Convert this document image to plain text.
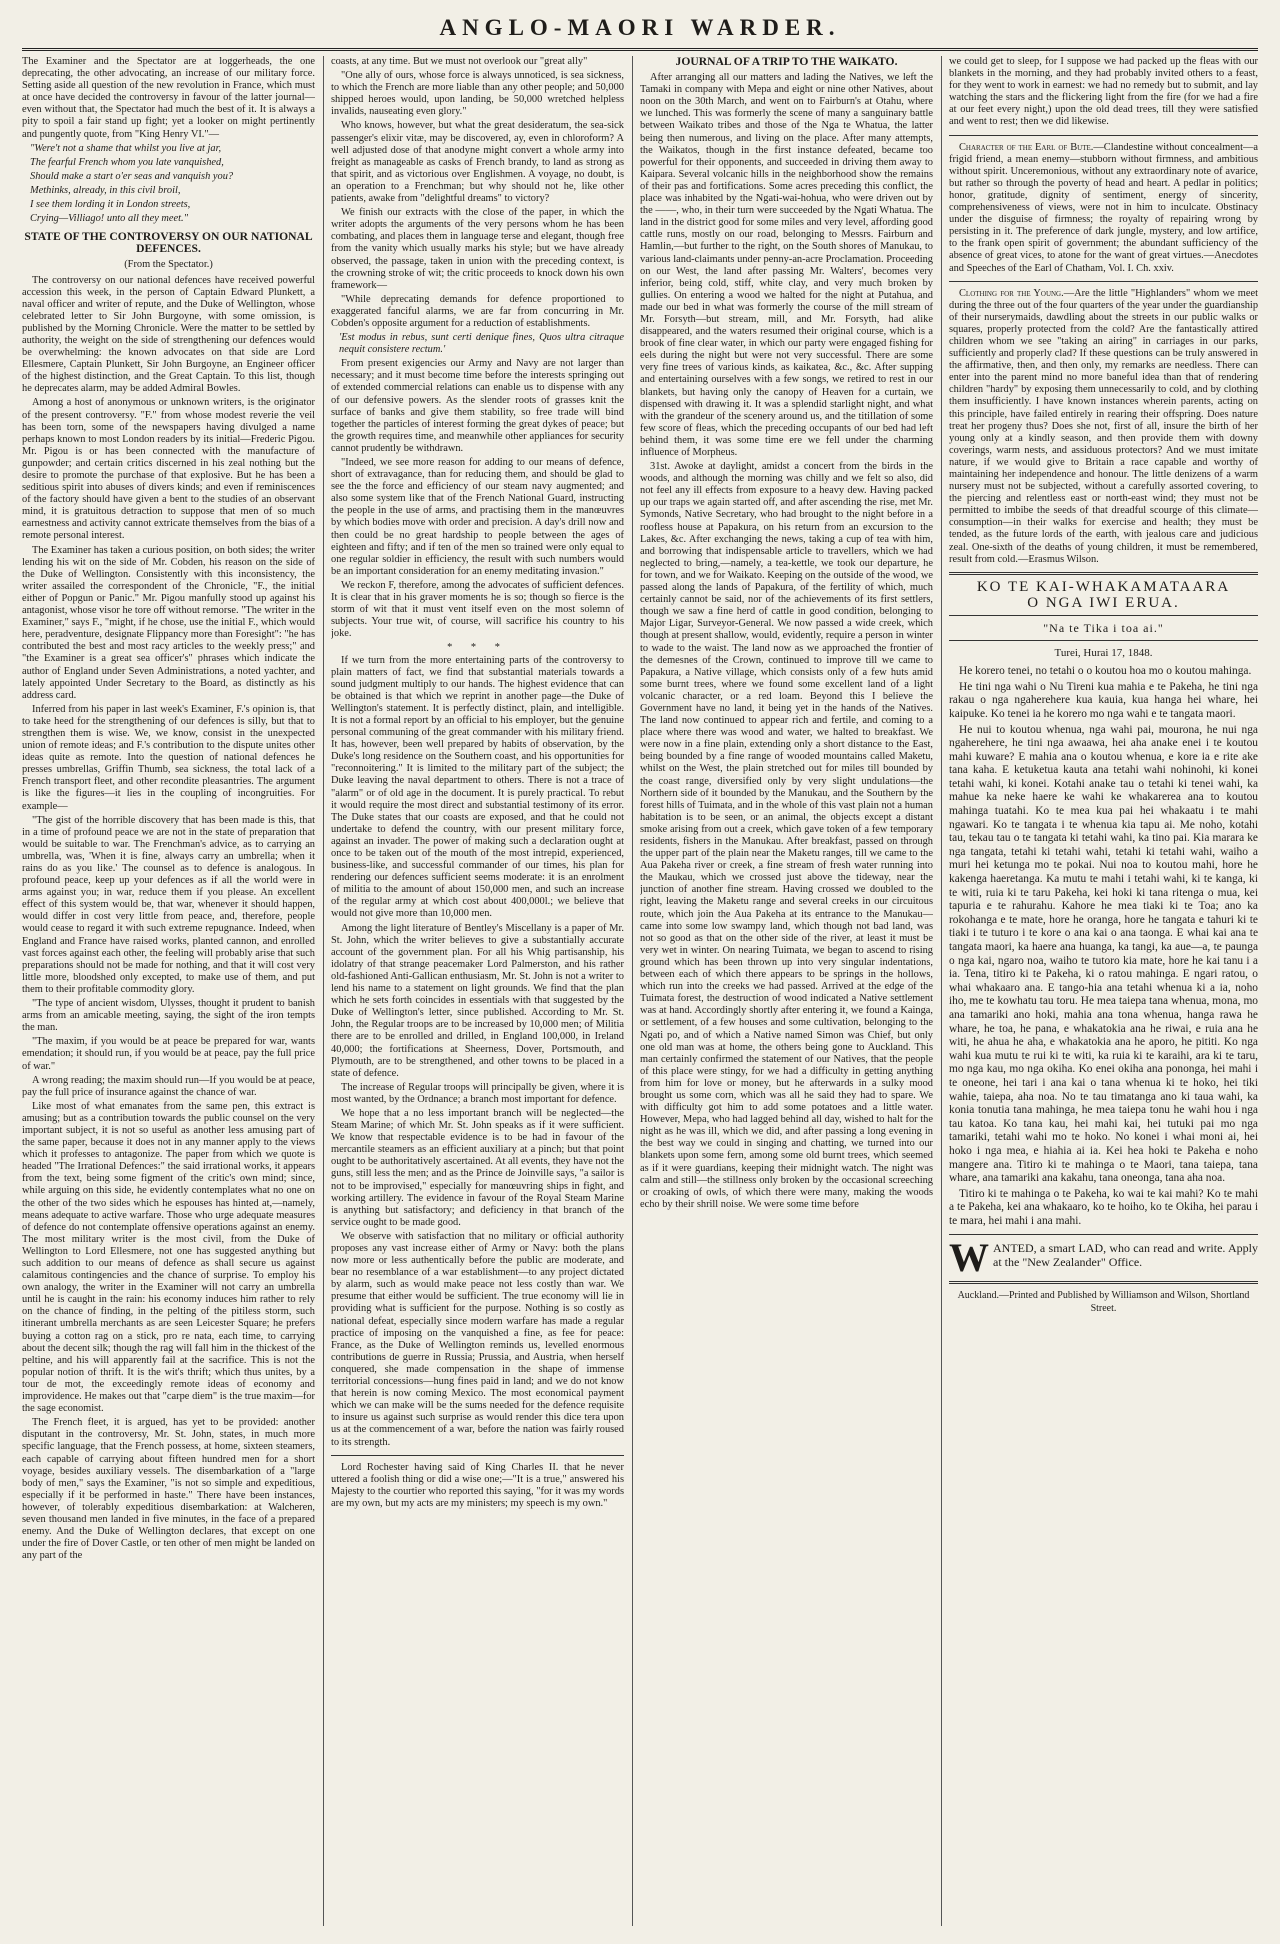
ANGLO-MAORI WARDER.

The Examiner and the Spectator are at loggerheads, the one deprecating, the other advocating, an increase of our military force. Setting aside all question of the new revolution in France, which must at once have decided the controversy in favour of the latter journal—even without that, the Spectator had much the best of it. It is always a pity to spoil a fair stand up fight; yet a looker on might pertinently and pungently quote, from "King Henry VI."—

"Were't not a shame that whilst you live at jar,

The fearful French whom you late vanquished,

Should make a start o'er seas and vanquish you?

Methinks, already, in this civil broil,

I see them lording it in London streets,

Crying—Villiago! unto all they meet."

STATE OF THE CONTROVERSY ON OUR NATIONAL DEFENCES.
(From the Spectator.)

The controversy on our national defences have received powerful accession this week, in the person of Captain Edward Plunkett, a naval officer and writer of repute, and the Duke of Wellington, whose celebrated letter to Sir John Burgoyne, with some omission, is published by the Morning Chronicle. Were the matter to be settled by authority, the weight on the side of strengthening our defences would be overwhelming: the known advocates on that side are Lord Ellesmere, Captain Plunkett, Sir John Burgoyne, an Engineer officer of the highest distinction, and the Great Captain. To this list, though he deprecates alarm, may be added Admiral Bowles.

Among a host of anonymous or unknown writers, is the originator of the present controversy. "F." from whose modest reverie the veil has been torn, some of the newspapers having divulged a name perhaps known to most London readers by its initial—Frederic Pigou. Mr. Pigou is or has been connected with the manufacture of gunpowder; and certain critics discerned in his zeal nothing but the desire to promote the purchase of that explosive. But he has been a seditious spirit into abuses of divers kinds; and even if reminiscences of the factory should have given a bent to the studies of an observant mind, it is gratuitous detraction to suppose that men of so much earnestness and activity cannot extricate themselves from the bias of a remote personal interest.

The Examiner has taken a curious position, on both sides; the writer lending his wit on the side of Mr. Cobden, his reason on the side of the Duke of Wellington. Consistently with this inconsistency, the writer assailed the correspondent of the Chronicle, "F., the initial either of Popgun or Panic." Mr. Pigou manfully stood up against his antagonist, whose visor he tore off without remorse. "The writer in the Examiner," says F., "might, if he chose, use the initial F., which would here, peradventure, designate Flippancy more than Foresight": "he has contributed the best and most racy articles to the weekly press;" and "the Examiner is a great sea officer's" phrases which indicate the author of England under Seven Administrations, a noted yachter, and lately appointed Under Secretary to the Board, as distinctly as his address card.

Inferred from his paper in last week's Examiner, F.'s opinion is, that to take heed for the strengthening of our defences is silly, but that to strengthen them is wise. We, we know, consist in the unexpected union of remote ideas; and F.'s contribution to the dispute unites other ideas quite as remote. Into the question of national defences he presses umbrellas, Griffin Thumb, sea sickness, the total lack of a French transport fleet, and other recondite pleasantries. The argument is like the figures—it lies in the coupling of incongruities. For example—

"The gist of the horrible discovery that has been made is this, that in a time of profound peace we are not in the state of preparation that would be suitable to war. The Frenchman's advice, as to carrying an umbrella, was, 'When it is fine, always carry an umbrella; when it rains do as you like.' The counsel as to defence is analogous. In profound peace, keep up your defences as if all the world were in arms against you; in war, reduce them if you please. An excellent effect of this system would be, that war, whenever it should happen, would differ in cost very little from peace, and, therefore, people would cease to regard it with such extreme repugnance. Indeed, when England and France have raised works, planted cannon, and enrolled vast forces against each other, the feeling will probably arise that such preparations should not be made for nothing, and that it will cost very little more, bloodshed only excepted, to make use of them, and put them to their profitable commodity glory.

"The type of ancient wisdom, Ulysses, thought it prudent to banish arms from an amicable meeting, saying, the sight of the iron tempts the man.

"The maxim, if you would be at peace be prepared for war, wants emendation; it should run, if you would be at peace, pay the full price of war."

A wrong reading; the maxim should run—If you would be at peace, pay the full price of insurance against the chance of war.

Like most of what emanates from the same pen, this extract is amusing; but as a contribution towards the public counsel on the very important subject, it is not so useful as another less amusing part of the same paper, because it does not in any manner apply to the views which it professes to antagonize. The paper from which we quote is headed "The Irrational Defences:" the said irrational works, it appears from the text, being some figment of the critic's own mind; since, while arguing on this side, he evidently contemplates what no one on the other of the two sides which he espouses has hinted at,—namely, means adequate to active warfare. Those who urge adequate measures of defence do not contemplate offensive operations against an enemy. The most military writer is the most civil, from the Duke of Wellington to Lord Ellesmere, not one has suggested anything but such addition to our means of defence as shall secure us against calamitous contingencies and the chance of surprise. To employ his own analogy, the writer in the Examiner will not carry an umbrella until he is caught in the rain: his economy induces him rather to rely on the chance of finding, in the pelting of the pitiless storm, such itinerant umbrella merchants as are seen Leicester Square; he prefers buying a cotton rag on a stick, pro re nata, each time, to carrying about the decent silk; though the rag will fall him in the thickest of the peltine, and his will apparently fail at the sacrifice. This is not the popular notion of thrift. It is the wit's thrift; which thus unites, by a tour de mot, the exceedingly remote ideas of economy and improvidence. He makes out that "carpe diem" is the true maxim—for the sage economist.

The French fleet, it is argued, has yet to be provided: another disputant in the controversy, Mr. St. John, states, in much more specific language, that the French possess, at home, sixteen steamers, each capable of carrying about fifteen hundred men for a short voyage, besides auxiliary vessels. The disembarkation of a "large body of men," says the Examiner, "is not so simple and expeditious, especially if it be performed in haste." There have been instances, however, of tolerably expeditious disembarkation: at Walcheren, seven thousand men landed in five minutes, in the face of a prepared enemy. And the Duke of Wellington declares, that except on one under the fire of Dover Castle, or ten other of men might be landed on any part of the

coasts, at any time. But we must not overlook our "great ally"

"One ally of ours, whose force is always unnoticed, is sea sickness, to which the French are more liable than any other people; and 50,000 shipped heroes would, upon landing, be 50,000 wretched helpless invalids, nauseating even glory."

Who knows, however, but what the great desideratum, the sea-sick passenger's elixir vitæ, may be discovered, ay, even in chloroform? A well adjusted dose of that anodyne might convert a whole army into freight as manageable as casks of French brandy, to land as strong as that spirit, and as victorious over Englishmen. A voyage, no doubt, is an operation to a Frenchman; but why should not he, like other patients, awake from "delightful dreams" to victory?

We finish our extracts with the close of the paper, in which the writer adopts the arguments of the very persons whom he has been combating, and places them in language terse and elegant, though free from the vanity which usually marks his style; but we have already observed, the passage, taken in union with the preceding context, is the crowning stroke of wit; the critic proceeds to knock down his own framework—

"While deprecating demands for defence proportioned to exaggerated fanciful alarms, we are far from concurring in Mr. Cobden's opposite argument for a reduction of establishments.

'Est modus in rebus, sunt certi denique fines, Quos ultra citraque nequit consistere rectum.'

From present exigencies our Army and Navy are not larger than necessary; and it must become time before the interests springing out of extended commercial relations can enable us to dispense with any of our defensive powers. As the slender roots of grasses knit the surface of banks and give them stability, so free trade will bind together the particles of interest forming the great dykes of peace; but the growth requires time, and meanwhile other appliances for security cannot prudently be withdrawn.

"Indeed, we see more reason for adding to our means of defence, short of extravagance, than for reducing them, and should be glad to see the the force and efficiency of our steam navy augmented; and also some system like that of the French National Guard, instructing the people in the use of arms, and practising them in the manœuvres by which bodies move with order and precision. A day's drill now and then could be no great hardship to people between the ages of eighteen and fifty; and if ten of the men so trained were only equal to one regular soldier in efficiency, the result with such numbers would be an important consideration for an enemy meditating invasion."

We reckon F, therefore, among the advocates of sufficient defences. It is clear that in his graver moments he is so; though so fierce is the storm of wit that it must vent itself even on the most solemn of subjects. Your true wit, of course, will sacrifice his country to his joke.

* * *

If we turn from the more entertaining parts of the controversy to plain matters of fact, we find that substantial materials towards a sound judgment multiply to our hands. The highest evidence that can be obtained is that which we reprint in another page—the Duke of Wellington's statement. It is perfectly distinct, plain, and intelligible. It is not a formal report by an official to his employer, but the genuine personal communing of the great commander with his military friend. It has, however, been well prepared by habits of observation, by the Duke's long residence on the Southern coast, and his opportunities for "reconnoitering." It is limited to the military part of the subject; the Duke leaving the naval department to others. There is not a trace of "alarm" or of old age in the document. It is purely practical. To rebut it would require the most direct and substantial testimony of its error. The Duke states that our coasts are exposed, and that he could not undertake to defend the country, with our present military force, against an invader. The power of making such a declaration ought at once to be taken out of the mouth of the most intrepid, experienced, business-like, and successful commander of our times, his plan for rendering our defences sufficient seems moderate: it is an enrolment of militia to the amount of about 150,000 men, and such an increase of the regular army at which cost about 400,000l.; we believe that would not give more than 10,000 men.

Among the light literature of Bentley's Miscellany is a paper of Mr. St. John, which the writer believes to give a substantially accurate account of the government plan. For all his Whig partisanship, his idolatry of that strange peacemaker Lord Palmerston, and his rather old-fashioned Anti-Gallican enthusiasm, Mr. St. John is not a writer to lend his name to a statement on light grounds. We find that the plan which he sets forth coincides in essentials with that suggested by the Duke of Wellington's letter, since published. According to Mr. St. John, the Regular troops are to be increased by 10,000 men; of Militia there are to be enrolled and drilled, in England 100,000, in Ireland 40,000; the fortifications at Sheerness, Dover, Portsmouth, and Plymouth, are to be strengthened, and other towns to be placed in a state of defence.

The increase of Regular troops will principally be given, where it is most wanted, by the Ordnance; a branch most important for defence.

We hope that a no less important branch will be neglected—the Steam Marine; of which Mr. St. John speaks as if it were sufficient. We know that respectable evidence is to be had in favour of the mercantile steamers as an efficient auxiliary at a pinch; but that point ought to be authoritatively ascertained. At all events, they have not the guns, still less the men; and as the Prince de Joinville says, "a sailor is not to be improvised," especially for manœuvring ships in fight, and working artillery. The evidence in favour of the Royal Steam Marine is anything but satisfactory; and deficiency in that branch of the service ought to be made good.

We observe with satisfaction that no military or official authority proposes any vast increase either of Army or Navy: both the plans now more or less authentically before the public are moderate, and bear no resemblance of a war establishment—to any project dictated by alarm, such as would make peace not less costly than war. We presume that either would be sufficient. The true economy will lie in providing what is sufficient for the purpose. Nothing is so costly as national defeat, especially since modern warfare has made a regular practice of imposing on the vanquished a fine, as fee for peace: France, as the Duke of Wellington reminds us, levelled enormous contributions de guerre in Russia; Prussia, and Austria, when herself conquered, she made compensation in the shape of immense territorial concessions—hung fines paid in land; and we do not know that herein is now coming Mexico. The most economical payment which we can make will be the sums needed for the defence requisite to insure us against such surprise as would render this dice tera upon us at the commencement of a war, before the nation was fairly roused to its strength.

Lord Rochester having said of King Charles II. that he never uttered a foolish thing or did a wise one;—"It is a true," answered his Majesty to the courtier who reported this saying, "for it was my words are my own, but my acts are my ministers; my speech is my own."

JOURNAL OF A TRIP TO THE WAIKATO.

After arranging all our matters and lading the Natives, we left the Tamaki in company with Mepa and eight or nine other Natives, about noon on the 30th March, and went on to Fairburn's at Otahu, where we lunched. This was formerly the scene of many a sanguinary battle between Waikato tribes and those of the Nga te Whatua, the latter being then numerous, and living on the place. After many attempts, the Waikatos, though in the first instance defeated, became too powerful for their opponents, and succeeded in driving them away to Kaipara. Several volcanic hills in the neighborhood show the remains of their pas and fortifications. Some acres preceding this conflict, the place was inhabited by the Ngati-wai-hohua, who were driven out by the ——, who, in their turn were succeeded by the Ngati Whatua. The land in the district good for some miles and very level, affording good cattle runs, mostly on our road, belonging to Messrs. Fairburn and Hamlin,—but further to the right, on the South shores of Manukau, to various land-claimants under penny-an-acre Proclamation. Proceeding on our West, the land after passing Mr. Walters', becomes very inferior, being cold, stiff, white clay, and very much broken by gullies. On entering a wood we halted for the night at Putahua, and made our bed in what was formerly the course of the mill stream of Mr. Forsyth—but stream, mill, and Mr. Forsyth, had alike disappeared, and the waters resumed their original course, which is a brook of fine clear water, in which our party were engaged fishing for eels during the night but were not very successful. There are some very fine trees of various kinds, as kaikatea, &c., &c. After supping and entertaining ourselves with a few songs, we retired to rest in our blankets, but having only the canopy of Heaven for a curtain, we dispensed with drawing it. It was a splendid starlight night, and what with the grandeur of the scenery around us, and the titillation of some few score of fleas, which the preceding occupants of our bed had left behind them, it was some time ere we fell under the charming influence of Morpheus.

31st. Awoke at daylight, amidst a concert from the birds in the woods, and although the morning was chilly and we felt so also, did not feel any ill effects from exposure to a heavy dew. Having packed up our traps we again started off, and after ascending the rise, met Mr. Symonds, Native Secretary, who had brought to the night before in a roofless house at Papakura, on his return from an excursion to the Lakes, &c. After exchanging the news, taking a cup of tea with him, and borrowing that indispensable article to travellers, which we had neglected to bring,—namely, a tea-kettle, we took our departure, he for town, and we for Waikato. Keeping on the outside of the wood, we passed along the lands of Papakura, of the fertility of which, much certainly cannot be said, nor of the achievements of its first settlers, though we saw a fine herd of cattle in good condition, belonging to Major Ligar, Surveyor-General. We now passed a wide creek, which though at present shallow, would, evidently, require a person in winter to wade to the waist. The land now as we approached the frontier of the demesnes of the Crown, continued to improve till we came to Papakura, a Native village, which consists only of a few huts amid some burnt trees, where we found some excellent land of a light volcanic character, or a red loam. Beyond this I believe the Government have no land, it being yet in the hands of the Natives. The land now continued to appear rich and fertile, and coming to a place where there was wood and water, we halted to breakfast. We were now in a fine plain, extending only a short distance to the East, being bounded by a fine range of wooded mountains called Maketu, whilst on the West, the plain stretched out for miles till bounded by the coast range, diversified only by very slight undulations—the Northern side of it bounded by the Manukau, and the Southern by the forest hills of Tuimata, and in the whole of this vast plain not a human habitation is to be seen, or an animal, the objects except a distant smoke arising from out a creek, which gave token of a few temporary residents, fishers in the Manukau. After breakfast, passed on through the upper part of the plain near the Maketu ranges, till we came to the Aua Pakeha river or creek, a fine stream of fresh water running into the Maukau, which we crossed just above the tideway, near the junction of another fine stream. Having crossed we doubled to the right, leaving the Maketu range and several creeks in our circuitous route, which join the Aua Pakeha at its entrance to the Manukau—came into some low swampy land, which though not bad land, was not so good as that on the other side of the river, at least it must be very wet in winter. On nearing Tuimata, we began to ascend to rising ground which has been thrown up into very singular indentations, between each of which there appears to be springs in the hollows, which run into the creeks we had passed. Arrived at the edge of the Tuimata forest, the destruction of wood indicated a Native settlement was at hand. Accordingly shortly after entering it, we found a Kainga, or settlement, of a few houses and some cultivation, belonging to the Ngati po, and of which a Native named Simon was Chief, but only one old man was at home, the others being gone to Auckland. This man certainly confirmed the statement of our Natives, that the people of this place were stingy, for we had a difficulty in getting anything from him for love or money, but he afterwards in a sulky mood brought us some corn, which was all he said they had to spare. We with difficulty got him to add some potatoes and a little water. However, Mepa, who had lagged behind all day, wished to halt for the night as he was ill, which we did, and after passing a long evening in the best way we could in singing and chatting, we turned into our blankets upon some fern, among some old burnt trees, which seemed as if it were guardians, keeping their midnight watch. The night was calm and still—the stillness only broken by the occasional screeching or croaking of owls, of which there were many, making the woods echo by their shrill noise. We were some time before

we could get to sleep, for I suppose we had packed up the fleas with our blankets in the morning, and they had probably invited others to a feast, for they went to work in earnest: we had no remedy but to submit, and lay watching the stars and the flickering light from the fire (for we had a fire at our feet every night,) upon the old dead trees, till they were satisfied and went to rest; then we did likewise.

Character of the Earl of Bute.—Clandestine without concealment—a frigid friend, a mean enemy—stubborn without firmness, and ambitious without spirit. Unceremonious, without any extraordinary note of avarice, but rather so through the poverty of head and heart. A pedlar in politics; honor, gratitude, dignity of sentiment, energy of sincerity, comprehensiveness of views, were not in him to inculcate. Obstinacy under the disguise of firmness; the royalty of repairing wrong by persisting in it. The preference of dark jungle, mystery, and low artifice, to the frank open spirit of government; the abundant sufficiency of the absence of great vices, to atone for the want of great virtues.—Anecdotes and Speeches of the Earl of Chatham, Vol. I. Ch. xxiv.

Clothing for the Young.—Are the little "Highlanders" whom we meet during the three out of the four quarters of the year under the guardianship of their nurserymaids, dawdling about the streets in our public walks or squares, properly protected from the cold? Are the fantastically attired children whom we see "taking an airing" in carriages in our parks, sufficiently and properly clad? If these questions can be truly answered in the affirmative, then, and then only, my remarks are needless. There can enter into the parent mind no more baneful idea than that of rendering children "hardy" by exposing them unnecessarily to cold, and by clothing them insufficiently. I have known instances wherein parents, acting on this principle, have failed entirely in rearing their offspring. Does nature treat her progeny thus? Does she not, first of all, insure the birth of her young only at a kindly season, and then provide them with downy coverings, warm nests, and assiduous protectors? And we must imitate nature, if we would give to Britain a race capable and worthy of maintaining her independence and honour. The little denizens of a warm nursery must not be subjected, without a carefully assorted covering, to the piercing and relentless east or north-east wind; they must not be permitted to imbibe the seeds of that dreadful scourge of this climate—consumption—in their walks for exercise and health; they must be tended, as the future lords of the earth, with jealous care and judicious zeal. One-sixth of the deaths of young children, it must be remembered, result from cold.—Erasmus Wilson.

KO TE KAI-WHAKAMATAARA
O NGA IWI ERUA.
"Na te Tika i toa ai."
Turei, Hurai 17, 1848.

He korero tenei, no tetahi o o koutou hoa mo o koutou mahinga.

He tini nga wahi o Nu Tireni kua mahia e te Pakeha, he tini nga rakau o nga ngaherehere kua kauia, kua hanga hei whare, hei kaipuke. Ko tenei ia he korero mo nga wahi e te tangata maori.

He nui to koutou whenua, nga wahi pai, mourona, he nui nga ngaherehere, he tini nga awaawa, hei aha anake enei i te koutou mahi kuware? E mahia ana o koutou whenua, e kore ia e rite ake tana kaha. E ketuketua kauta ana tetahi wahi nohinohi, ki konei tetahi wahi, ki konei. Kotahi anake tau o tetahi ki tenei wahi, ka mahue ka neke haere ke wahi ke whakarerea ana to koutou mahinga tuatahi. Ko te mea kua pai hei whakaatu i te mahi ngawari. Ko te tangata i te whenua kia tapu ai. Me noho, kotahi tau, tekau tau o te tangata ki tetahi wahi, ka tino pai. Kia marara ke nga tangata, tetahi ki tetahi wahi, tetahi ki tetahi wahi, waiho a muri hei ketunga mo te pokai. Nui noa to koutou mahi, hore he kakenga haeretanga. Ka mutu te mahi i tetahi wahi, ki te kanga, ki te witi, ruia ki te taru Pakeha, kei hoki ki tana ritenga o mua, kei tapuria e te rahurahu. Kahore he mea tiaki ki te Toa; ano ka rokohanga e te mate, hore he oranga, hore he tangata e tahuri ki te tiaki i te tuturo i te kore o ana kai o ana taonga. E whai kai ana te tangata maori, ka haere ana huanga, ka tangi, ka aue—a, te paunga o nga kai, ngaro noa, waiho te tutoro kia mate, hore he kai tanu i a ia. Tena, titiro ki te Pakeha, ki o ratou mahinga. E ngari ratou, o whai whakaaro ana. E tango-hia ana tetahi whenua ki a ia, noho iho, me te kowhatu tau toru. He mea taiepa tana whenua, mona, mo ana tamariki ano hoki, mahia ana tona whenua, hanga rawa he whare, he toa, he pana, e whakatokia ana he riwai, e ruia ana he witi, he ahua he aha, e whakatokia ana he aporo, he pititi. Ko nga wahi kua mutu te rui ki te witi, ka ruia ki te karaihi, ara ki te taru, mo nga kau, mo nga okiha. Ko enei okiha ana pononga, hei mahi i te oneone, hei tari i ana kai o tana whenua ki te hoko, hei tiki wahie, taiepa, aha noa. No te tau timatanga ano ki taua wahi, ka konia tonutia tana mahinga, he mea taiepa tonu he wahi hou i nga tau katoa. Ko tana kau, hei mahi kai, hei tutuki pai mo nga tamariki, tetahi wahi mo te hoko. No konei i whai moni ai, hei hoko i nga mea, e hiahia ai ia. Kei hea hoki te Pakeha e noho mangere ana. Titiro ki te mahinga o te Maori, tana taiepa, tana whare, ana tamariki ana kakahu, tana oneonga, tana aha noa.

Titiro ki te mahinga o te Pakeha, ko wai te kai mahi? Ko te mahi a te Pakeha, kei ana whakaaro, ko te hoiho, ko te Okiha, hei parau i te mara, hei mahi i ana mahi.

WANTED, a smart LAD, who can read and write. Apply at the "New Zealander" Office.

Auckland.—Printed and Published by Williamson and Wilson, Shortland Street.
